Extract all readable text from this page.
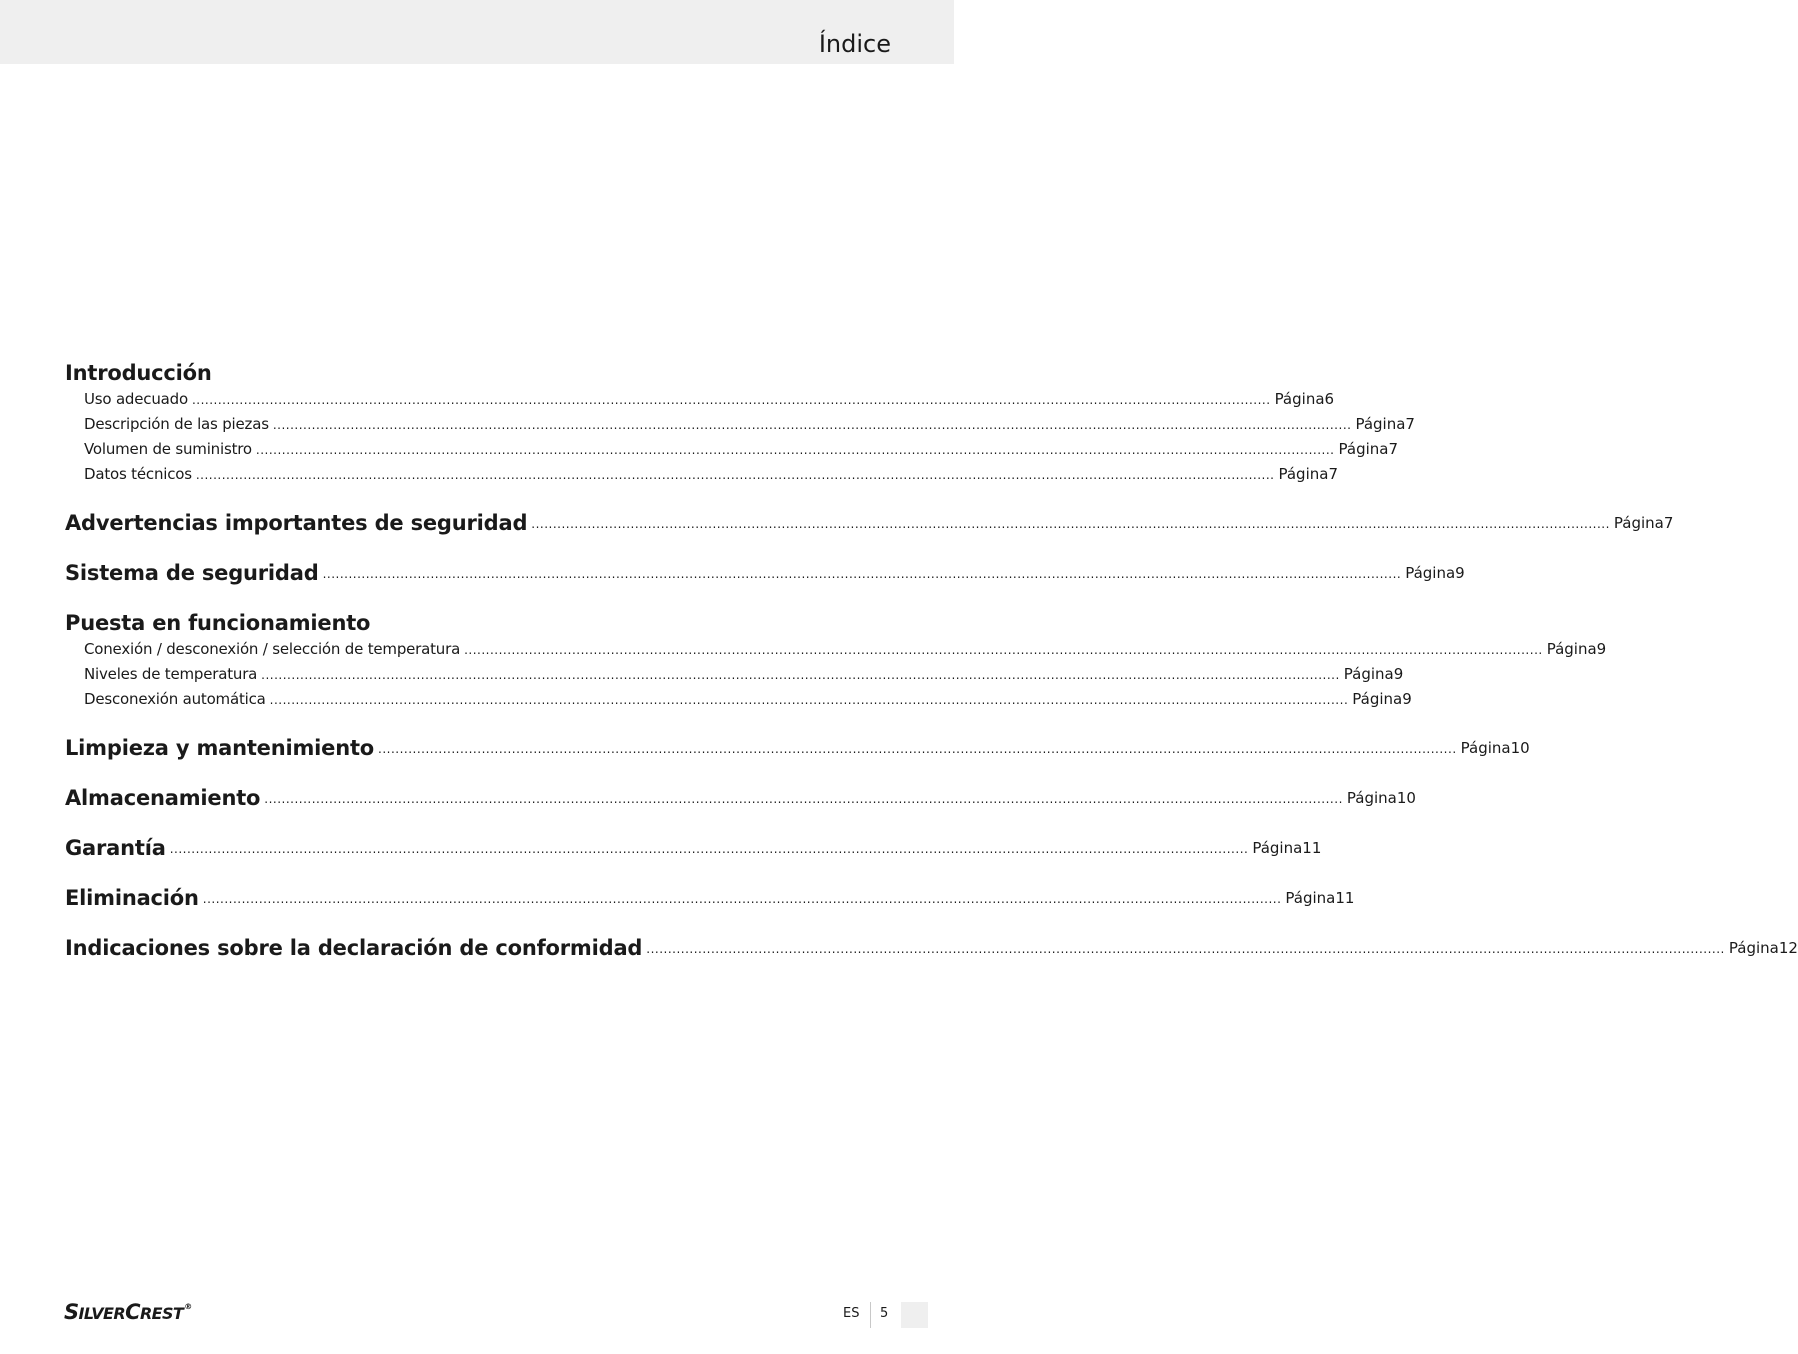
Índice
Introducción
Uso adecuado .......................................................................................................................................................................................................................................................... Página 6
Descripción de las piezas .......................................................................................................................................................................................................................................................... Página 7
Volumen de suministro .......................................................................................................................................................................................................................................................... Página 7
Datos técnicos .......................................................................................................................................................................................................................................................... Página 7
Advertencias importantes de seguridad .......................................................................................................................................................................................................................................................... Página 7
Sistema de seguridad .......................................................................................................................................................................................................................................................... Página 9
Puesta en funcionamiento
Conexión / desconexión / selección de temperatura .......................................................................................................................................................................................................................................................... Página 9
Niveles de temperatura .......................................................................................................................................................................................................................................................... Página 9
Desconexión automática .......................................................................................................................................................................................................................................................... Página 9
Limpieza y mantenimiento .......................................................................................................................................................................................................................................................... Página 10
Almacenamiento .......................................................................................................................................................................................................................................................... Página 10
Garantía .......................................................................................................................................................................................................................................................... Página 11
Eliminación .......................................................................................................................................................................................................................................................... Página 11
Indicaciones sobre la declaración de conformidad .......................................................................................................................................................................................................................................................... Página 12
SILVERCREST®	ES 5
